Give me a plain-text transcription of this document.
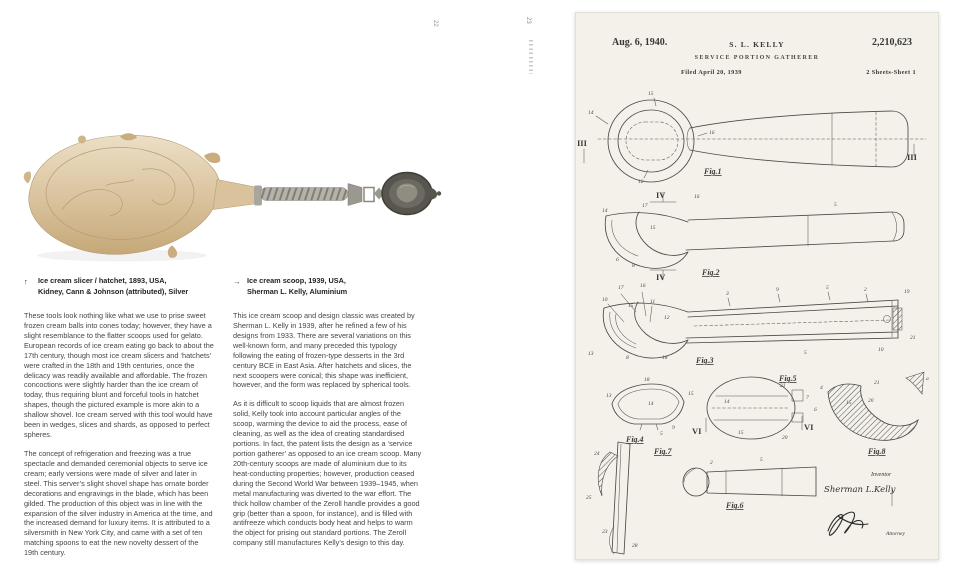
22	23
↑	Ice cream slicer / hatchet, 1893, USA,
Kidney, Cann & Johnson (attributed), Silver
→ Ice cream scoop, 1939, USA,
Sherman L. Kelly, Aluminium

These tools look nothing like what we use to prise sweet frozen cream balls into cones today; however, they have a slight resemblance to the flatter scoops used for gelato. European records of ice cream eating go back to about the 17th century, though most ice cream slicers and ‘hatchets’ were crafted in the 18th and 19th centuries, once the delicacy was readily available and affordable. The frozen concoctions were slightly harder than the ice cream of today, thus requiring blunt and forceful tools in hatchet shapes, though the pictured example is more akin to a shallow shovel. Ice cream served with this tool would have been in wedges, slices and shards, as opposed to perfect spheres.

The concept of refrigeration and freezing was a true spectacle and demanded ceremonial objects to serve ice cream; early versions were made of silver and later in steel. This server’s slight shovel shape has ornate border decorations and engravings in the blade, which has been gilded. The production of this object was in line with the expansion of the silver industry in America at the time, and the increased demand for luxury items. It is attributed to a silversmith in New York City, and came with a set of ten matching spoons to eat the new novelty dessert of the 19th century.

This ice cream scoop and design classic was created by Sherman L. Kelly in 1939, after he refined a few of his designs from 1933. There are several variations on this well-known form, and many preceded this typology following the eating of frozen-type desserts in the 3rd century BCE in East Asia. After hatchets and slices, the next scoopers were conical; this shape was inefficient, however, and the form was replaced by spherical tools.

As it is difficult to scoop liquids that are almost frozen solid, Kelly took into account particular angles of the scoop, warming the device to aid the process, ease of cleaning, as well as the idea of creating standardised portions. In fact, the patent lists the design as a ‘service portion gatherer’ as opposed to an ice cream scoop. Many 20th-century scoops are made of aluminium due to its heat-conducting properties; however, production ceased during the Second World War between 1939–1945, when metal manufacturing was diverted to the war effort. The thick hollow chamber of the Zeroll handle provides a good grip (better than a spoon, for instance), and is filled with antifreeze which conducts body heat and helps to warm the object for prising out standard portions. The Zeroll company still manufactures Kelly’s design to this day.

Aug. 6, 1940.	2,210,623
S. L. KELLY
SERVICE PORTION GATHERER
Filed April 20, 1939	2 Sheets-Sheet 1
III
III
14
15
16
12
Fig.1
IV
IV
14
17
16
15
6
8
5
Fig.2
17	16
10
15
11
12
3
9	5	2	19
13
8	18
5	10
21
Fig.3
15
18
13
14
5
9
Fig.4
VI	VI
14
15
21
20
7
6
Fig.5
4
21
15	20
a
Fig.8
24
25
23
28
Fig.7
2	5
Fig.6
Inventor
Sherman L.Kelly
Attorney
